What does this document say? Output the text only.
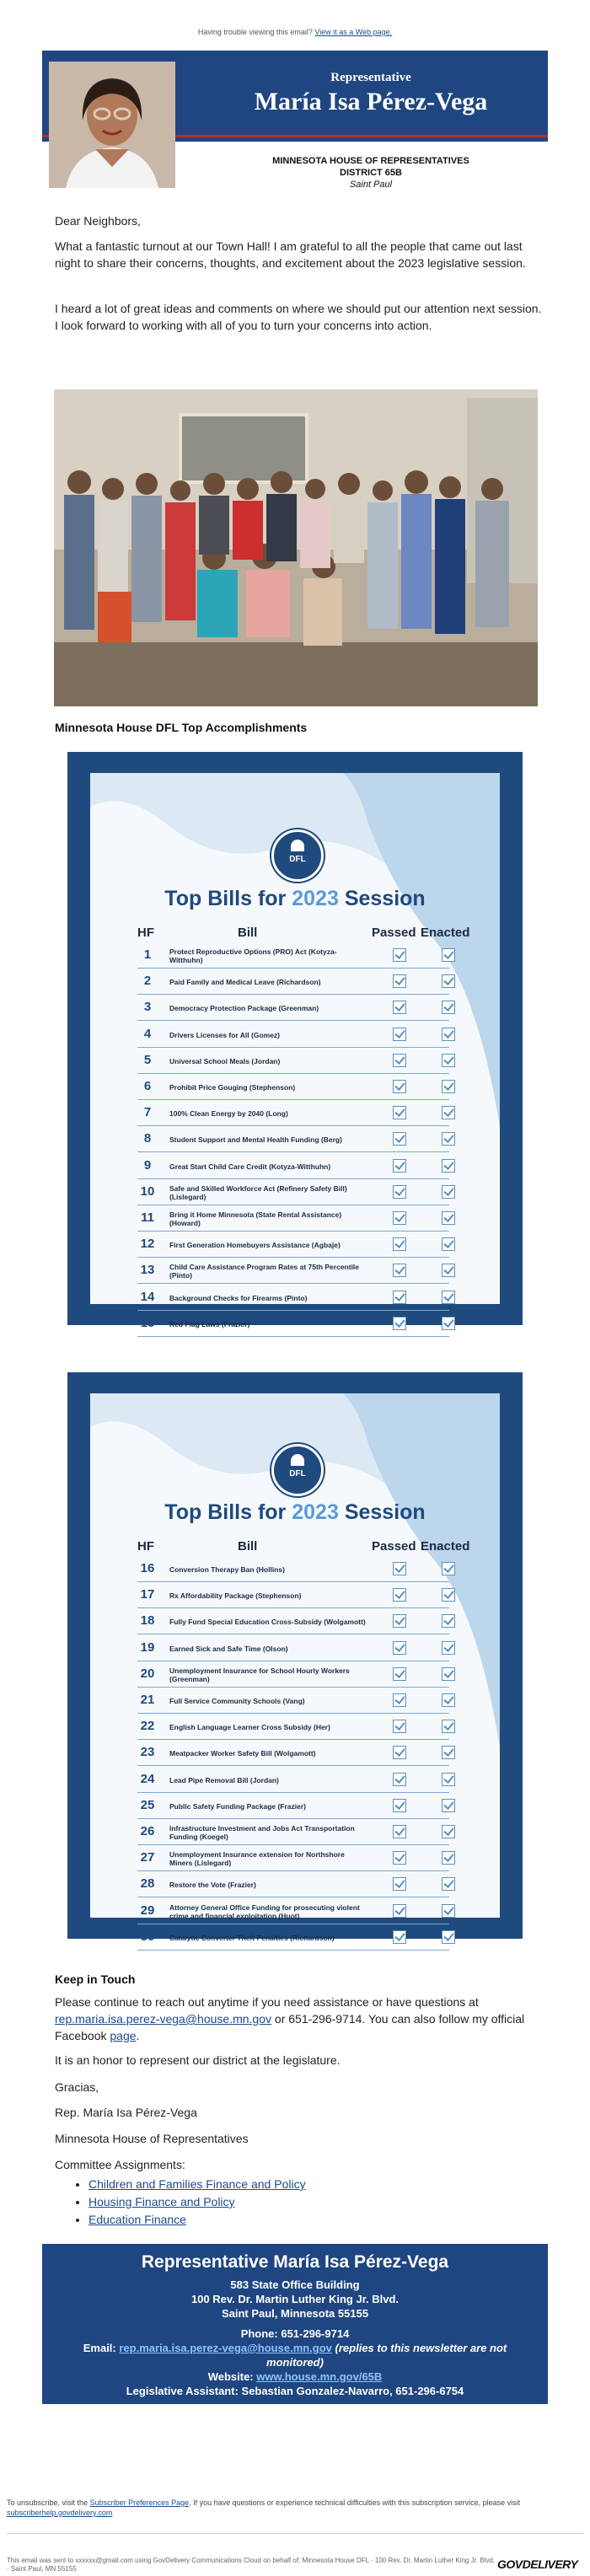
Having trouble viewing this email? View it as a Web page.
Representative
María Isa Pérez-Vega
MINNESOTA HOUSE OF REPRESENTATIVES
DISTRICT 65B
Saint Paul
Dear Neighbors,
What a fantastic turnout at our Town Hall! I am grateful to all the people that came out last night to share their concerns, thoughts, and excitement about the 2023 legislative session.
I heard a lot of great ideas and comments on where we should put our attention next session. I look forward to working with all of you to turn your concerns into action.
Minnesota House DFL Top Accomplishments
DFL
Top Bills for 2023 Session
HF	Bill	Passed Enacted
1	Protect Reproductive Options (PRO) Act (Kotyza-Witthuhn)
2	Paid Family and Medical Leave (Richardson)
3	Democracy Protection Package (Greenman)
4	Drivers Licenses for All (Gomez)
5	Universal School Meals (Jordan)
6	Prohibit Price Gouging (Stephenson)
7	100% Clean Energy by 2040 (Long)
8	Student Support and Mental Health Funding (Berg)
9	Great Start Child Care Credit (Kotyza-Witthuhn)
10	Safe and Skilled Workforce Act (Refinery Safety Bill) (Lislegard)
11	Bring it Home Minnesota (State Rental Assistance) (Howard)
12	First Generation Homebuyers Assistance (Agbaje)
13	Child Care Assistance Program Rates at 75th Percentile (Pinto)
14	Background Checks for Firearms (Pinto)
15	Red Flag Laws (Frazier)
DFL
Top Bills for 2023 Session
HF	Bill	Passed Enacted
16	Conversion Therapy Ban (Hollins)
17	Rx Affordability Package (Stephenson)
18	Fully Fund Special Education Cross-Subsidy (Wolgamott)
19	Earned Sick and Safe Time (Olson)
20	Unemployment Insurance for School Hourly Workers (Greenman)
21	Full Service Community Schools (Vang)
22	English Language Learner Cross Subsidy (Her)
23	Meatpacker Worker Safety Bill (Wolgamott)
24	Lead Pipe Removal Bill (Jordan)
25	Public Safety Funding Package (Frazier)
26	Infrastructure Investment and Jobs Act Transportation Funding (Koegel)
27	Unemployment Insurance extension for Northshore Miners (Lislegard)
28	Restore the Vote (Frazier)
29	Attorney General Office Funding for prosecuting violent crime and financial exploitation (Huot)
30	Catalytic Converter Theft Penalties (Richardson)
Keep in Touch
Please continue to reach out anytime if you need assistance or have questions at rep.maria.isa.perez-vega@house.mn.gov or 651-296-9714. You can also follow my official Facebook page.
It is an honor to represent our district at the legislature.
Gracias,
Rep. María Isa Pérez-Vega
Minnesota House of Representatives
Committee Assignments:
• Children and Families Finance and Policy
• Housing Finance and Policy
• Education Finance
Representative María Isa Pérez-Vega
583 State Office Building
100 Rev. Dr. Martin Luther King Jr. Blvd.
Saint Paul, Minnesota 55155
Phone: 651-296-9714
Email: rep.maria.isa.perez-vega@house.mn.gov (replies to this newsletter are not monitored)
Website: www.house.mn.gov/65B
Legislative Assistant: Sebastian Gonzalez-Navarro, 651-296-6754
To unsubscribe, visit the Subscriber Preferences Page. If you have questions or experience technical difficulties with this subscription service, please visit subscriberhelp.govdelivery.com
This email was sent to xxxxxx@gmail.com using GovDelivery Communications Cloud on behalf of: Minnesota House DFL · 100 Rev. Dr. Martin Luther King Jr. Blvd. · Saint Paul, MN 55155	GOVDELIVERY
